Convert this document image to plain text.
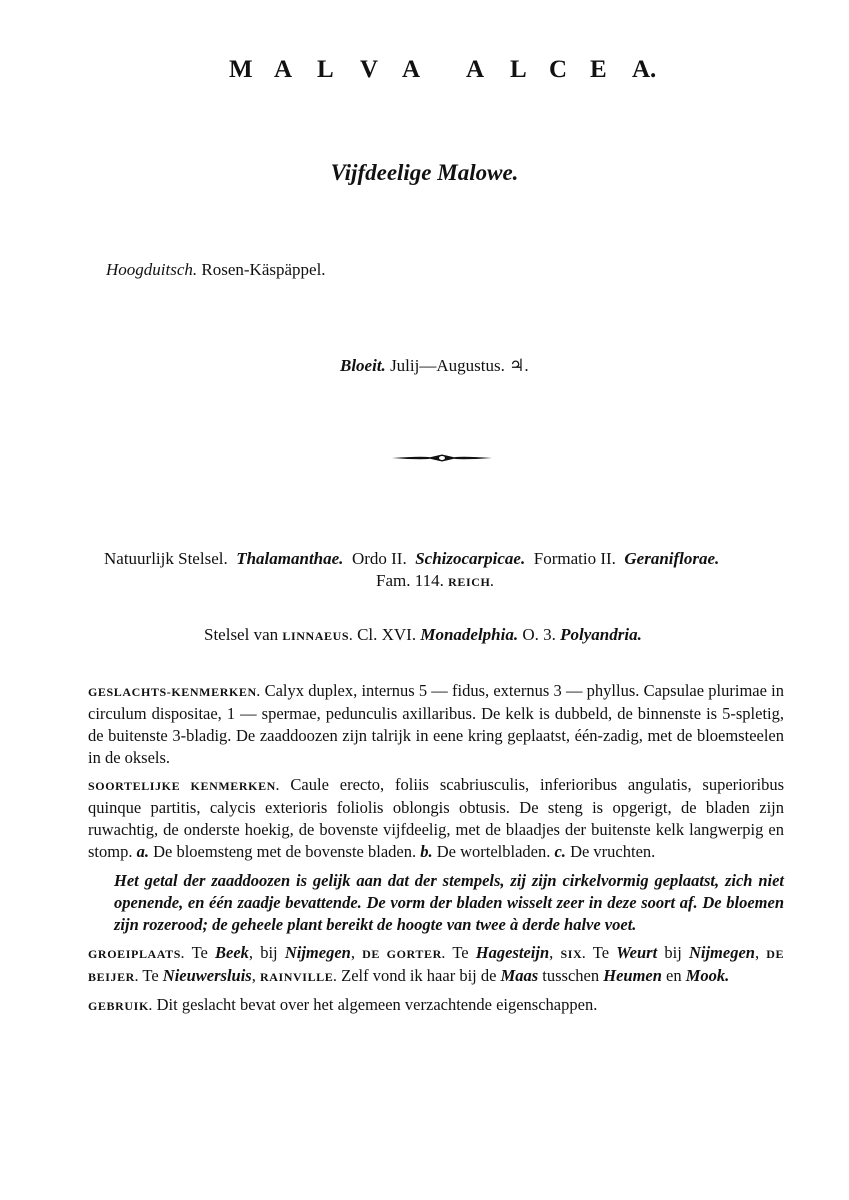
M A L V A A L C E A.
Vijfdeelige Malowe.
Hoogduitsch. Rosen-Käspäppel.
Bloeit. Julij—Augustus. ♃.
Natuurlijk Stelsel. Thalamanthae. Ordo II. Schizocarpicae. Formatio II. Geraniflorae.
Fam. 114. REICH.
Stelsel van LINNAEUS. Cl. XVI. Monadelphia. O. 3. Polyandria.
GESLACHTS-KENMERKEN. Calyx duplex, internus 5 — fidus, externus 3 — phyllus. Capsulae plurimae in circulum dispositae, 1 — spermae, pedunculis axillaribus. De kelk is dubbeld, de binnenste is 5-spletig, de buitenste 3-bladig. De zaaddoozen zijn talrijk in eene kring geplaatst, één-zadig, met de bloemsteelen in de oksels.
SOORTELIJKE KENMERKEN. Caule erecto, foliis scabriusculis, inferioribus angulatis, superioribus quinque partitis, calycis exterioris foliolis oblongis obtusis. De steng is opgerigt, de bladen zijn ruwachtig, de onderste hoekig, de bovenste vijfdeelig, met de blaadjes der buitenste kelk langwerpig en stomp. a. De bloemsteng met de bovenste bladen. b. De wortelbladen. c. De vruchten.
Het getal der zaaddoozen is gelijk aan dat der stempels, zij zijn cirkelvormig geplaatst, zich niet openende, en één zaadje bevattende. De vorm der bladen wisselt zeer in deze soort af. De bloemen zijn rozerood; de geheele plant bereikt de hoogte van twee à derde halve voet.
GROEIPLAATS. Te Beek, bij Nijmegen, DE GORTER. Te Hagesteijn, SIX. Te Weurt bij Nijmegen, DE BEIJER. Te Nieuwersluis, RAINVILLE. Zelf vond ik haar bij de Maas tusschen Heumen en Mook.
GEBRUIK. Dit geslacht bevat over het algemeen verzachtende eigenschappen.
